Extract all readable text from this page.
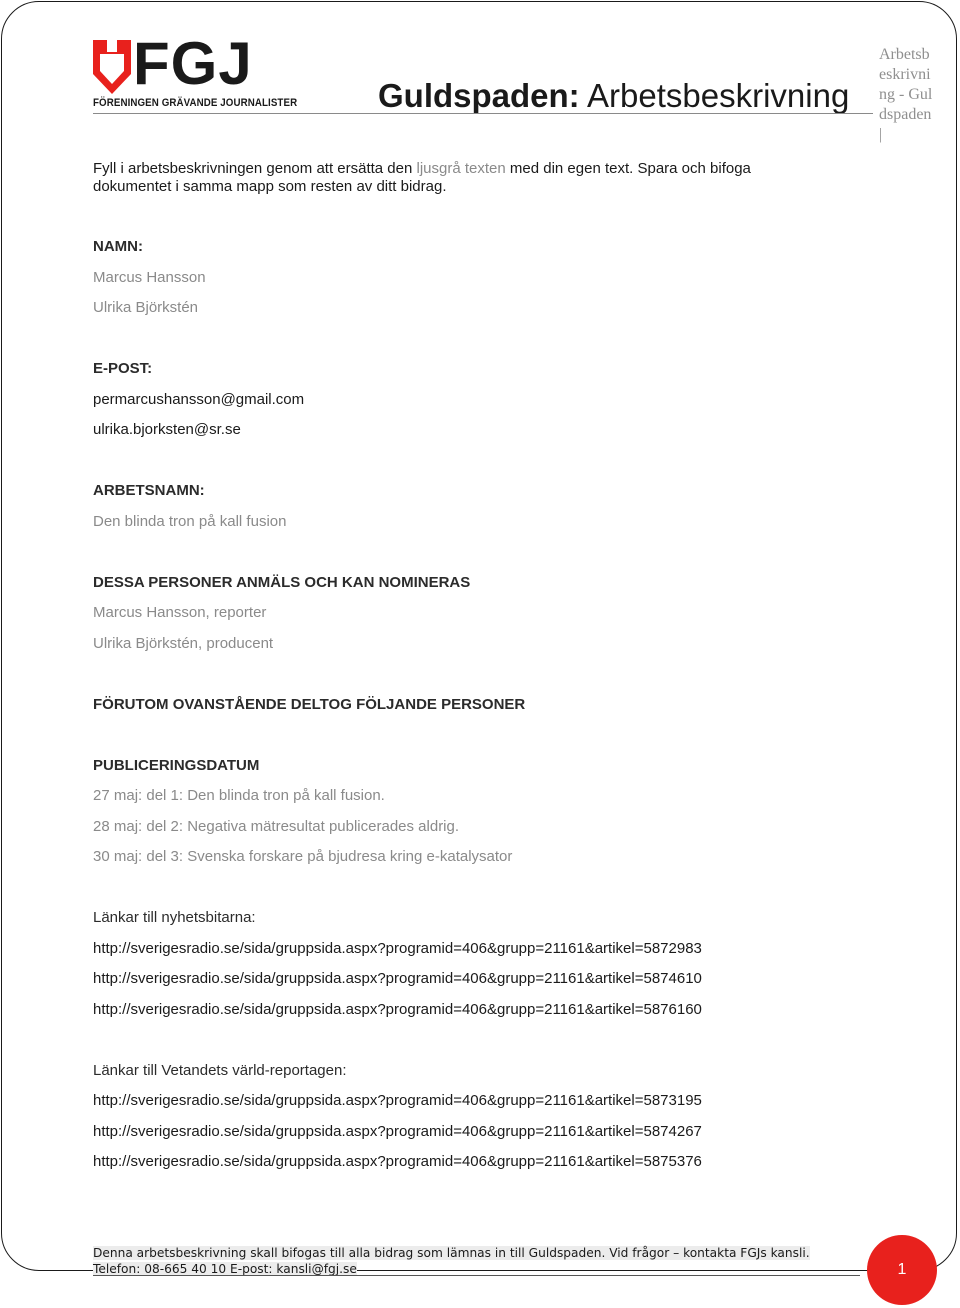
FGJ
FÖRENINGEN GRÄVANDE JOURNALISTER Guldspaden: Arbetsbeskrivning
Arbetsbeskrivning - Guldspaden |
Fyll i arbetsbeskrivningen genom att ersätta den ljusgrå texten med din egen text. Spara och bifoga dokumentet i samma mapp som resten av ditt bidrag.
NAMN:
Marcus Hansson
Ulrika Björkstén
E-POST:
permarcushansson@gmail.com
ulrika.bjorksten@sr.se
ARBETSNAMN:
Den blinda tron på kall fusion
DESSA PERSONER ANMÄLS OCH KAN NOMINERAS
Marcus Hansson, reporter
Ulrika Björkstén, producent
FÖRUTOM OVANSTÅENDE DELTOG FÖLJANDE PERSONER
PUBLICERINGSDATUM
27 maj: del 1: Den blinda tron på kall fusion.
28 maj: del 2: Negativa mätresultat publicerades aldrig.
30 maj: del 3: Svenska forskare på bjudresa kring e-katalysator
Länkar till nyhetsbitarna:
http://sverigesradio.se/sida/gruppsida.aspx?programid=406&grupp=21161&artikel=5872983
http://sverigesradio.se/sida/gruppsida.aspx?programid=406&grupp=21161&artikel=5874610
http://sverigesradio.se/sida/gruppsida.aspx?programid=406&grupp=21161&artikel=5876160
Länkar till Vetandets värld-reportagen:
http://sverigesradio.se/sida/gruppsida.aspx?programid=406&grupp=21161&artikel=5873195
http://sverigesradio.se/sida/gruppsida.aspx?programid=406&grupp=21161&artikel=5874267
http://sverigesradio.se/sida/gruppsida.aspx?programid=406&grupp=21161&artikel=5875376
Denna arbetsbeskrivning skall bifogas till alla bidrag som lämnas in till Guldspaden. Vid frågor – kontakta FGJs kansli.
Telefon: 08-665 40 10 E-post: kansli@fgj.se	1
